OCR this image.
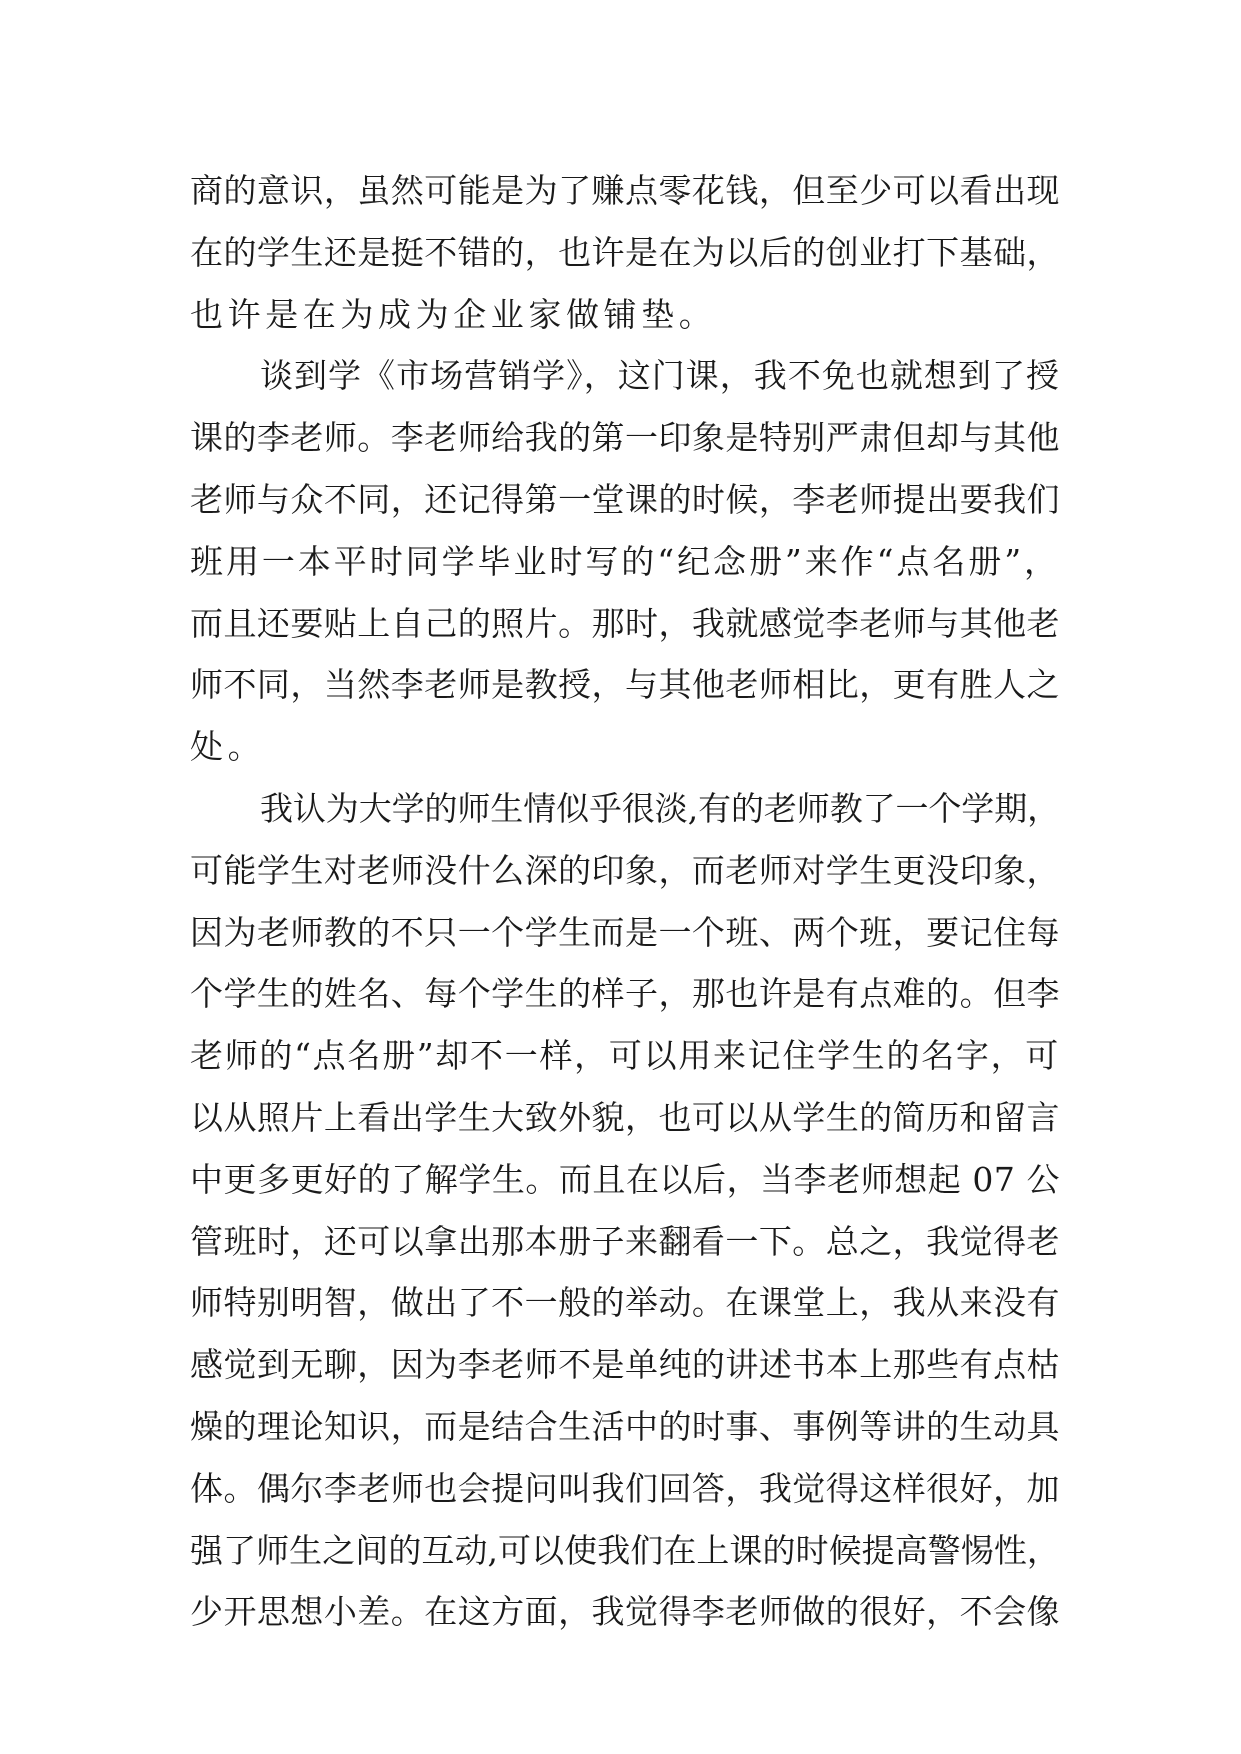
商的意识，虽然可能是为了赚点零花钱，但至少可以看出现
在的学生还是挺不错的，也许是在为以后的创业打下基础，
也许是在为成为企业家做铺垫。
谈到学《市场营销学》，这门课，我不免也就想到了授
课的李老师。李老师给我的第一印象是特别严肃但却与其他
老师与众不同，还记得第一堂课的时候，李老师提出要我们
班用一本平时同学毕业时写的“纪念册”来作“点名册”，
而且还要贴上自己的照片。那时，我就感觉李老师与其他老
师不同，当然李老师是教授，与其他老师相比，更有胜人之
处。
我认为大学的师生情似乎很淡,有的老师教了一个学期，
可能学生对老师没什么深的印象，而老师对学生更没印象，
因为老师教的不只一个学生而是一个班、两个班，要记住每
个学生的姓名、每个学生的样子，那也许是有点难的。但李
老师的“点名册”却不一样，可以用来记住学生的名字，可
以从照片上看出学生大致外貌，也可以从学生的简历和留言
中更多更好的了解学生。而且在以后，当李老师想起 07 公
管班时，还可以拿出那本册子来翻看一下。总之，我觉得老
师特别明智，做出了不一般的举动。在课堂上，我从来没有
感觉到无聊，因为李老师不是单纯的讲述书本上那些有点枯
燥的理论知识，而是结合生活中的时事、事例等讲的生动具
体。偶尔李老师也会提问叫我们回答，我觉得这样很好，加
强了师生之间的互动,可以使我们在上课的时候提高警惕性，
少开思想小差。在这方面，我觉得李老师做的很好，不会像
